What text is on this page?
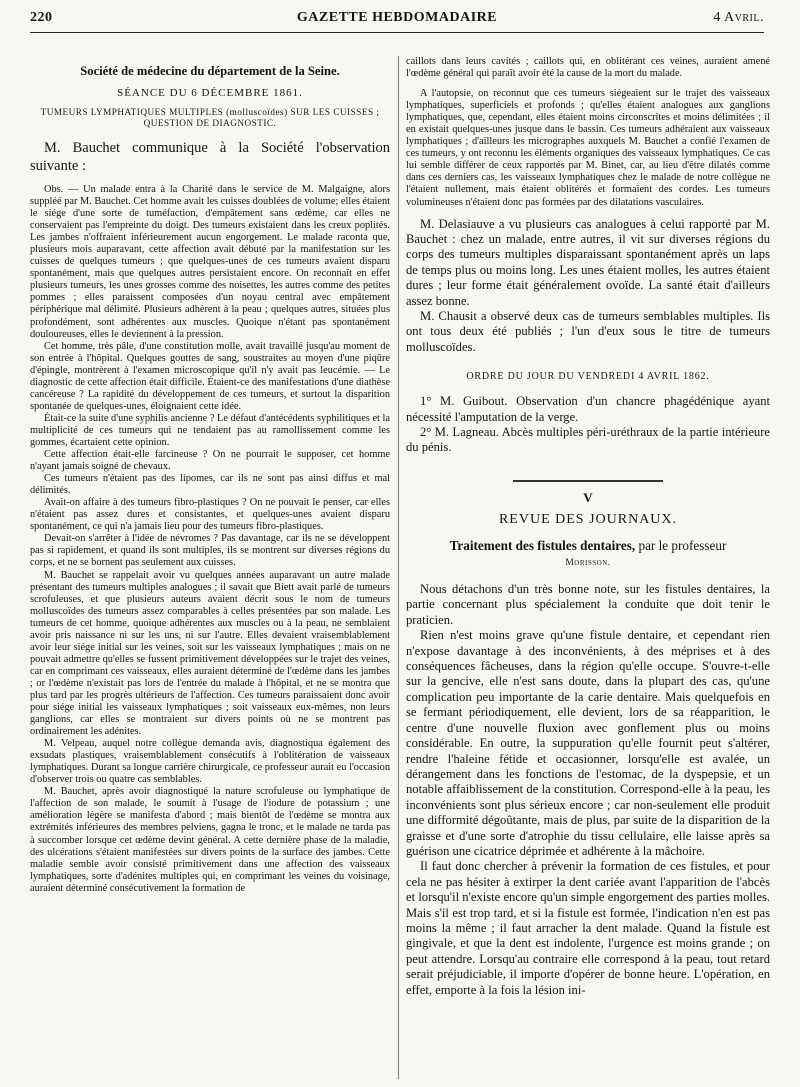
220	GAZETTE HEBDOMADAIRE	4 Avril.
Société de médecine du département de la Seine.
SÉANCE DU 6 DÉCEMBRE 1861.
TUMEURS LYMPHATIQUES MULTIPLES (molluscoïdes) SUR LES CUISSES ;
QUESTION DE DIAGNOSTIC.

M. Bauchet communique à la Société l'observation suivante :

Obs. — Un malade entra à la Charité dans le service de M. Malgaigne, alors suppléé par M. Bauchet. Cet homme avait les cuisses doublées de volume; elles étaient le siége d'une sorte de tuméfaction, d'empâtement sans œdème, car elles ne conservaient pas l'empreinte du doigt. Des tumeurs existaient dans les creux poplités. Les jambes n'offraient inférieurement aucun engorgement. Le malade raconta que, plusieurs mois auparavant, cette affection avait débuté par la manifestation sur les cuisses de quelques tumeurs ; que quelques-unes de ces tumeurs avaient disparu spontanément, mais que quelques autres persistaient encore. On reconnaît en effet plusieurs tumeurs, les unes grosses comme des noisettes, les autres comme des petites pommes ; elles paraissent composées d'un noyau central avec empâtement périphérique mal délimité. Plusieurs adhèrent à la peau ; quelques autres, situées plus profondément, sont adhérentes aux muscles. Quoique n'étant pas spontanément douloureuses, elles le deviennent à la pression.

Cet homme, très pâle, d'une constitution molle, avait travaillé jusqu'au moment de son entrée à l'hôpital. Quelques gouttes de sang, soustraites au moyen d'une piqûre d'épingle, montrèrent à l'examen microscopique qu'il n'y avait pas leucémie. — Le diagnostic de cette affection était difficile. Étaient-ce des manifestations d'une diathèse cancéreuse ? La rapidité du développement de ces tumeurs, et surtout la disparition spontanée de quelques-unes, éloignaient cette idée.

Était-ce la suite d'une syphilis ancienne ? Le défaut d'antécédents syphilitiques et la multiplicité de ces tumeurs qui ne tendaient pas au ramollissement comme les gommes, écartaient cette opinion.

Cette affection était-elle farcineuse ? On ne pourrait le supposer, cet homme n'ayant jamais soigné de chevaux.

Ces tumeurs n'étaient pas des lipomes, car ils ne sont pas ainsi diffus et mal délimités.

Avait-on affaire à des tumeurs fibro-plastiques ? On ne pouvait le penser, car elles n'étaient pas assez dures et consistantes, et quelques-unes avaient disparu spontanément, ce qui n'a jamais lieu pour des tumeurs fibro-plastiques.

Devait-on s'arrêter à l'idée de névromes ? Pas davantage, car ils ne se développent pas si rapidement, et quand ils sont multiples, ils se montrent sur diverses régions du corps, et ne se bornent pas seulement aux cuisses.

M. Bauchet se rappelait avoir vu quelques années auparavant un autre malade présentant des tumeurs multiples analogues ; il savait que Biett avait parlé de tumeurs scrofuleuses, et que plusieurs auteurs avaient décrit sous le nom de tumeurs molluscoïdes des tumeurs assez comparables à celles présentées par son malade. Les tumeurs de cet homme, quoique adhérentes aux muscles ou à la peau, ne semblaient avoir pris naissance ni sur les uns, ni sur l'autre. Elles devaient vraisemblablement avoir leur siége initial sur les veines, soit sur les vaisseaux lymphatiques ; mais on ne pouvait admettre qu'elles se fussent primitivement développées sur le trajet des veines, car en comprimant ces vaisseaux, elles auraient déterminé de l'œdème dans les jambes ; or l'œdème n'existait pas lors de l'entrée du malade à l'hôpital, et ne se montra que plus tard par les progrès ultérieurs de l'affection. Ces tumeurs paraissaient donc avoir pour siége initial les vaisseaux lymphatiques ; soit vaisseaux eux-mêmes, non leurs ganglions, car elles se montraient sur divers points où ne se montrent pas ordinairement les adénites.

M. Velpeau, auquel notre collègue demanda avis, diagnostiqua également des exsudats plastiques, vraisemblablement consécutifs à l'oblitération de vaisseaux lymphatiques. Durant sa longue carrière chirurgicale, ce professeur aurait eu l'occasion d'observer trois ou quatre cas semblables.

M. Bauchet, après avoir diagnostiqué la nature scrofuleuse ou lymphatique de l'affection de son malade, le soumit à l'usage de l'iodure de potassium ; une amélioration légère se manifesta d'abord ; mais bientôt de l'œdème se montra aux extrémités inférieures des membres pelviens, gagna le tronc, et le malade ne tarda pas à succomber lorsque cet œdème devint général. A cette dernière phase de la maladie, des ulcérations s'étaient manifestées sur divers points de la surface des jambes. Cette maladie semble avoir consisté primitivement dans une affection des vaisseaux lymphatiques, sorte d'adénites multiples qui, en comprimant les veines du voisinage, auraient déterminé consécutivement la formation de

caillots dans leurs cavités ; caillots qui, en oblitérant ces veines, auraient amené l'œdème général qui paraît avoir été la cause de la mort du malade.

A l'autopsie, on reconnut que ces tumeurs siégeaient sur le trajet des vaisseaux lymphatiques, superficiels et profonds ; qu'elles étaient analogues aux ganglions lymphatiques, que, cependant, elles étaient moins circonscrites et moins délimitées ; il en existait quelques-unes jusque dans le bassin. Ces tumeurs adhéraient aux vaisseaux lymphatiques ; d'ailleurs les micrographes auxquels M. Bauchet a confié l'examen de ces tumeurs, y ont reconnu les éléments organiques des vaisseaux lymphatiques. Ce cas lui semble différer de ceux rapportés par M. Binet, car, au lieu d'être dilatés comme dans ces derniers cas, les vaisseaux lymphatiques chez le malade de notre collègue ne l'étaient nullement, mais étaient oblitérés et formaient des cordes. Les tumeurs volumineuses n'étaient donc pas formées par des dilatations vasculaires.

M. Delasiauve a vu plusieurs cas analogues à celui rapporté par M. Bauchet : chez un malade, entre autres, il vit sur diverses régions du corps des tumeurs multiples disparaissant spontanément après un laps de temps plus ou moins long. Les unes étaient molles, les autres étaient dures ; leur forme était généralement ovoïde. La santé était d'ailleurs assez bonne.

M. Chausit a observé deux cas de tumeurs semblables multiples. Ils ont tous deux été publiés ; l'un d'eux sous le titre de tumeurs molluscoïdes.

ORDRE DU JOUR DU VENDREDI 4 AVRIL 1862.

1° M. Guibout. Observation d'un chancre phagédénique ayant nécessité l'amputation de la verge.

2° M. Lagneau. Abcès multiples péri-uréthraux de la partie intérieure du pénis.

V
REVUE DES JOURNAUX.
Traitement des fistules dentaires, par le professeur
Morisson.

Nous détachons d'un très bonne note, sur les fistules dentaires, la partie concernant plus spécialement la conduite que doit tenir le praticien.

Rien n'est moins grave qu'une fistule dentaire, et cependant rien n'expose davantage à des inconvénients, à des méprises et à des conséquences fâcheuses, dans la région qu'elle occupe. S'ouvre-t-elle sur la gencive, elle n'est sans doute, dans la plupart des cas, qu'une complication peu importante de la carie dentaire. Mais quelquefois en se fermant périodiquement, elle devient, lors de sa réapparition, le centre d'une nouvelle fluxion avec gonflement plus ou moins considérable. En outre, la suppuration qu'elle fournit peut s'altérer, rendre l'haleine fétide et occasionner, lorsqu'elle est avalée, un dérangement dans les fonctions de l'estomac, de la dyspepsie, et un notable affaiblissement de la constitution. Correspond-elle à la peau, les inconvénients sont plus sérieux encore ; car non-seulement elle produit une difformité dégoûtante, mais de plus, par suite de la disparition de la graisse et d'une sorte d'atrophie du tissu cellulaire, elle laisse après sa guérison une cicatrice déprimée et adhérente à la mâchoire.

Il faut donc chercher à prévenir la formation de ces fistules, et pour cela ne pas hésiter à extirper la dent cariée avant l'apparition de l'abcès et lorsqu'il n'existe encore qu'un simple engorgement des parties molles. Mais s'il est trop tard, et si la fistule est formée, l'indication n'en est pas moins la même ; il faut arracher la dent malade. Quand la fistule est gingivale, et que la dent est indolente, l'urgence est moins grande ; on peut attendre. Lorsqu'au contraire elle correspond à la peau, tout retard serait préjudiciable, il importe d'opérer de bonne heure. L'opération, en effet, emporte à la fois la lésion ini-
